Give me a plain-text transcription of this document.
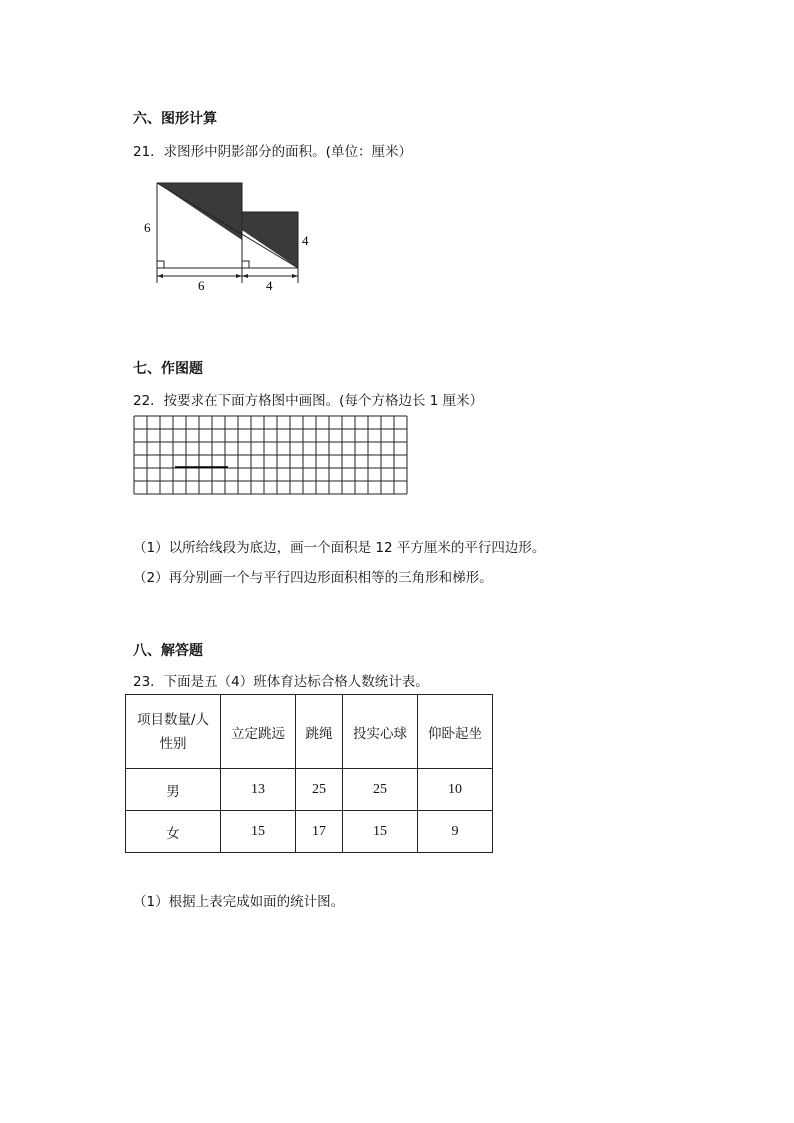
六、图形计算
21．求图形中阴影部分的面积。(单位：厘米）
6
4
6	4
七、作图题
22．按要求在下面方格图中画图。(每个方格边长 1 厘米）
（1）以所给线段为底边，画一个面积是 12 平方厘米的平行四边形。
（2）再分别画一个与平行四边形面积相等的三角形和梯形。
八、解答题
23．下面是五（4）班体育达标合格人数统计表。
项目数量/人
性别	立定跳远	跳绳	投实心球	仰卧起坐
男	13	25	25	10
女	15	17	15	9
（1）根据上表完成如面的统计图。
